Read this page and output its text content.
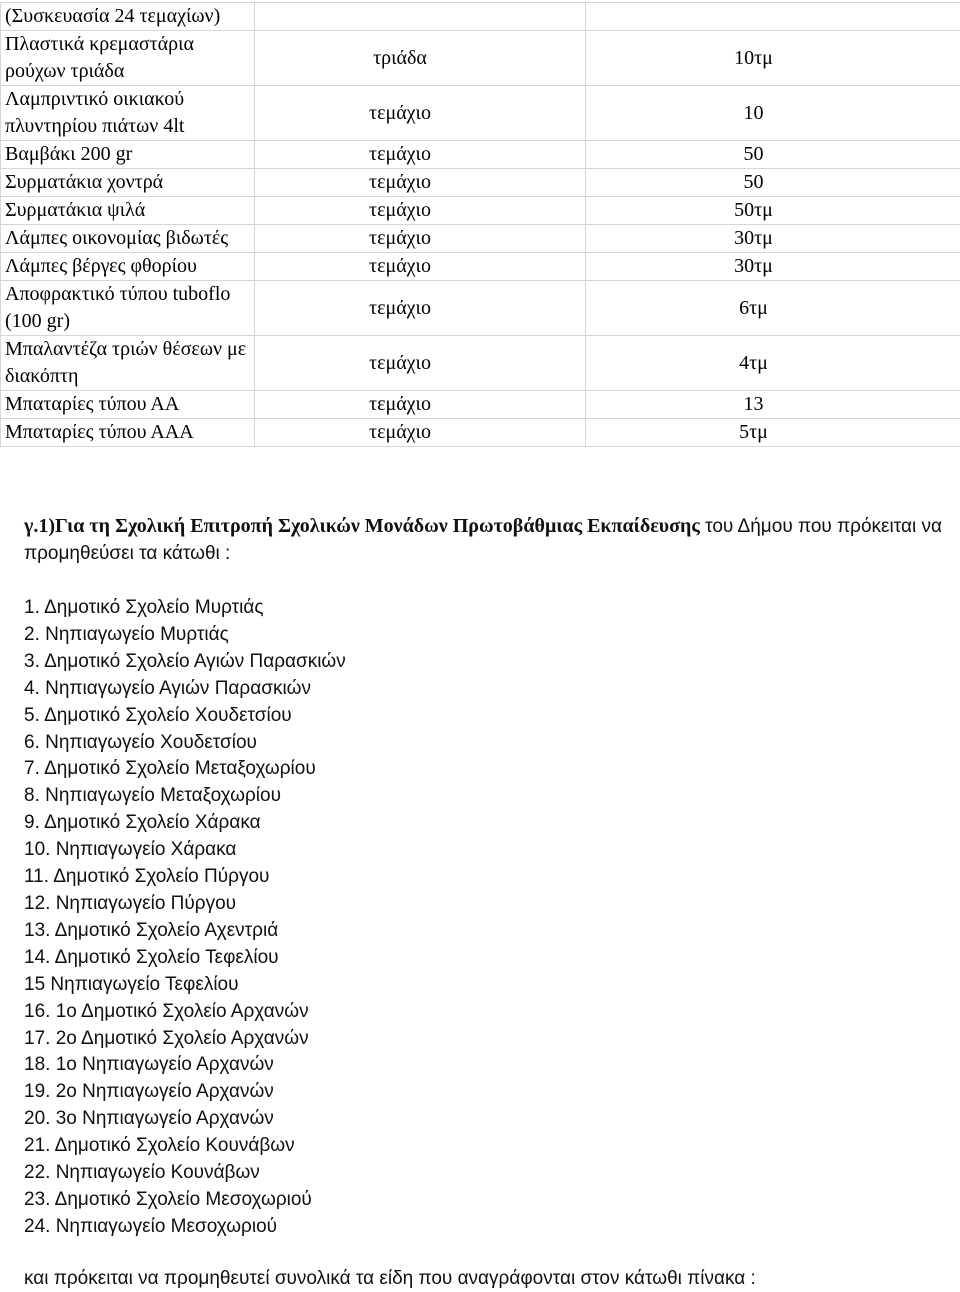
(Συσκευασία 24 τεμαχίων)		
Πλαστικά κρεμαστάρια ρούχων τριάδα	τριάδα	10τμ
Λαμπριντικό οικιακού πλυντηρίου πιάτων 4lt	τεμάχιο	10
Βαμβάκι 200 gr	τεμάχιο	50
Συρματάκια χοντρά	τεμάχιο	50
Συρματάκια ψιλά	τεμάχιο	50τμ
Λάμπες οικονομίας βιδωτές	τεμάχιο	30τμ
Λάμπες βέργες φθορίου	τεμάχιο	30τμ
Αποφρακτικό τύπου tuboflo (100 gr)	τεμάχιο	6τμ
Μπαλαντέζα τριών θέσεων με διακόπτη	τεμάχιο	4τμ
Μπαταρίες τύπου ΑΑ	τεμάχιο	13
Μπαταρίες τύπου ΑΑΑ	τεμάχιο	5τμ
γ.1)Για τη Σχολική Επιτροπή Σχολικών Μονάδων Πρωτοβάθμιας Εκπαίδευσης του Δήμου που πρόκειται να προμηθεύσει τα κάτωθι :
1. Δημοτικό Σχολείο Μυρτιάς
2. Νηπιαγωγείο Μυρτιάς
3. Δημοτικό Σχολείο Αγιών Παρασκιών
4. Νηπιαγωγείο Αγιών Παρασκιών
5. Δημοτικό Σχολείο Χουδετσίου
6. Νηπιαγωγείο Χουδετσίου
7. Δημοτικό Σχολείο Μεταξοχωρίου
8. Νηπιαγωγείο Μεταξοχωρίου
9. Δημοτικό Σχολείο Χάρακα
10. Νηπιαγωγείο Χάρακα
11. Δημοτικό Σχολείο Πύργου
12. Νηπιαγωγείο Πύργου
13. Δημοτικό Σχολείο Αχεντριά
14. Δημοτικό Σχολείο Τεφελίου
15 Νηπιαγωγείο Τεφελίου
16. 1ο Δημοτικό Σχολείο Αρχανών
17. 2ο Δημοτικό Σχολείο Αρχανών
18. 1ο Νηπιαγωγείο Αρχανών
19. 2ο Νηπιαγωγείο Αρχανών
20. 3ο Νηπιαγωγείο Αρχανών
21. Δημοτικό Σχολείο Κουνάβων
22. Νηπιαγωγείο Κουνάβων
23. Δημοτικό Σχολείο Μεσοχωριού
24. Νηπιαγωγείο Μεσοχωριού
και πρόκειται να προμηθευτεί συνολικά τα είδη που αναγράφονται στον κάτωθι πίνακα :
